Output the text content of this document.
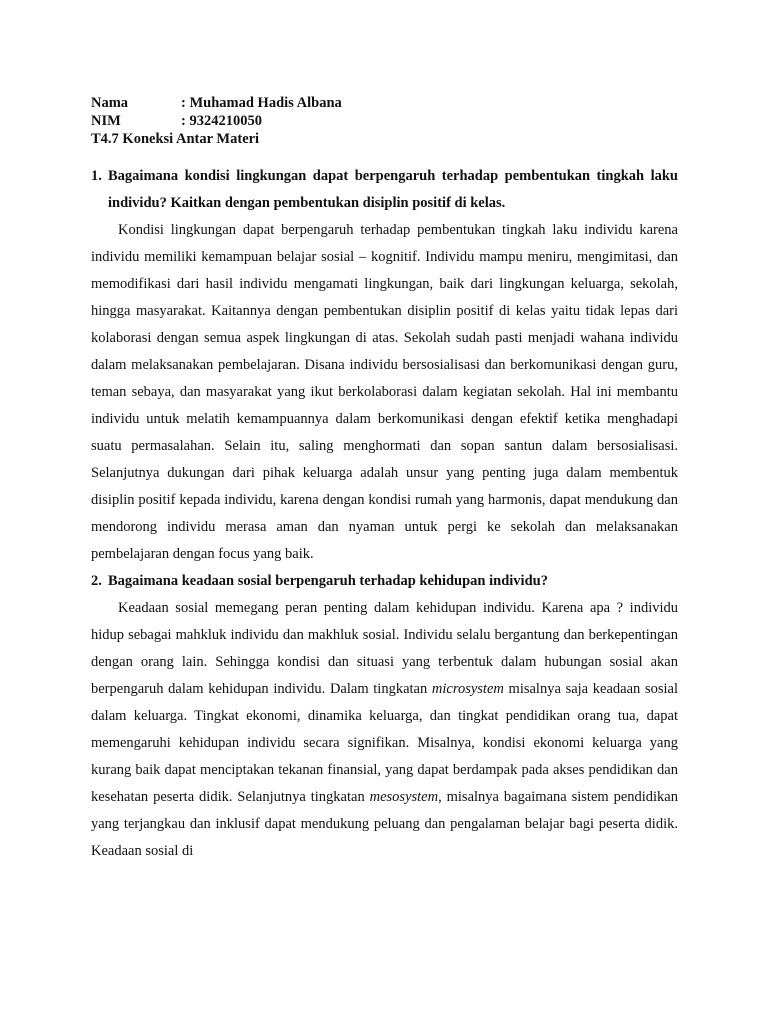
Nama	: Muhamad Hadis Albana
NIM	: 9324210050
T4.7 Koneksi Antar Materi
1. Bagaimana kondisi lingkungan dapat berpengaruh terhadap pembentukan tingkah laku individu? Kaitkan dengan pembentukan disiplin positif di kelas.

Kondisi lingkungan dapat berpengaruh terhadap pembentukan tingkah laku individu karena individu memiliki kemampuan belajar sosial – kognitif. Individu mampu meniru, mengimitasi, dan memodifikasi dari hasil individu mengamati lingkungan, baik dari lingkungan keluarga, sekolah, hingga masyarakat. Kaitannya dengan pembentukan disiplin positif di kelas yaitu tidak lepas dari kolaborasi dengan semua aspek lingkungan di atas. Sekolah sudah pasti menjadi wahana individu dalam melaksanakan pembelajaran. Disana individu bersosialisasi dan berkomunikasi dengan guru, teman sebaya, dan masyarakat yang ikut berkolaborasi dalam kegiatan sekolah. Hal ini membantu individu untuk melatih kemampuannya dalam berkomunikasi dengan efektif ketika menghadapi suatu permasalahan. Selain itu, saling menghormati dan sopan santun dalam bersosialisasi. Selanjutnya dukungan dari pihak keluarga adalah unsur yang penting juga dalam membentuk disiplin positif kepada individu, karena dengan kondisi rumah yang harmonis, dapat mendukung dan mendorong individu merasa aman dan nyaman untuk pergi ke sekolah dan melaksanakan pembelajaran dengan focus yang baik.

2. Bagaimana keadaan sosial berpengaruh terhadap kehidupan individu?

Keadaan sosial memegang peran penting dalam kehidupan individu. Karena apa ? individu hidup sebagai mahkluk individu dan makhluk sosial. Individu selalu bergantung dan berkepentingan dengan orang lain. Sehingga kondisi dan situasi yang terbentuk dalam hubungan sosial akan berpengaruh dalam kehidupan individu. Dalam tingkatan microsystem misalnya saja keadaan sosial dalam keluarga. Tingkat ekonomi, dinamika keluarga, dan tingkat pendidikan orang tua, dapat memengaruhi kehidupan individu secara signifikan. Misalnya, kondisi ekonomi keluarga yang kurang baik dapat menciptakan tekanan finansial, yang dapat berdampak pada akses pendidikan dan kesehatan peserta didik. Selanjutnya tingkatan mesosystem, misalnya bagaimana sistem pendidikan yang terjangkau dan inklusif dapat mendukung peluang dan pengalaman belajar bagi peserta didik. Keadaan sosial di
